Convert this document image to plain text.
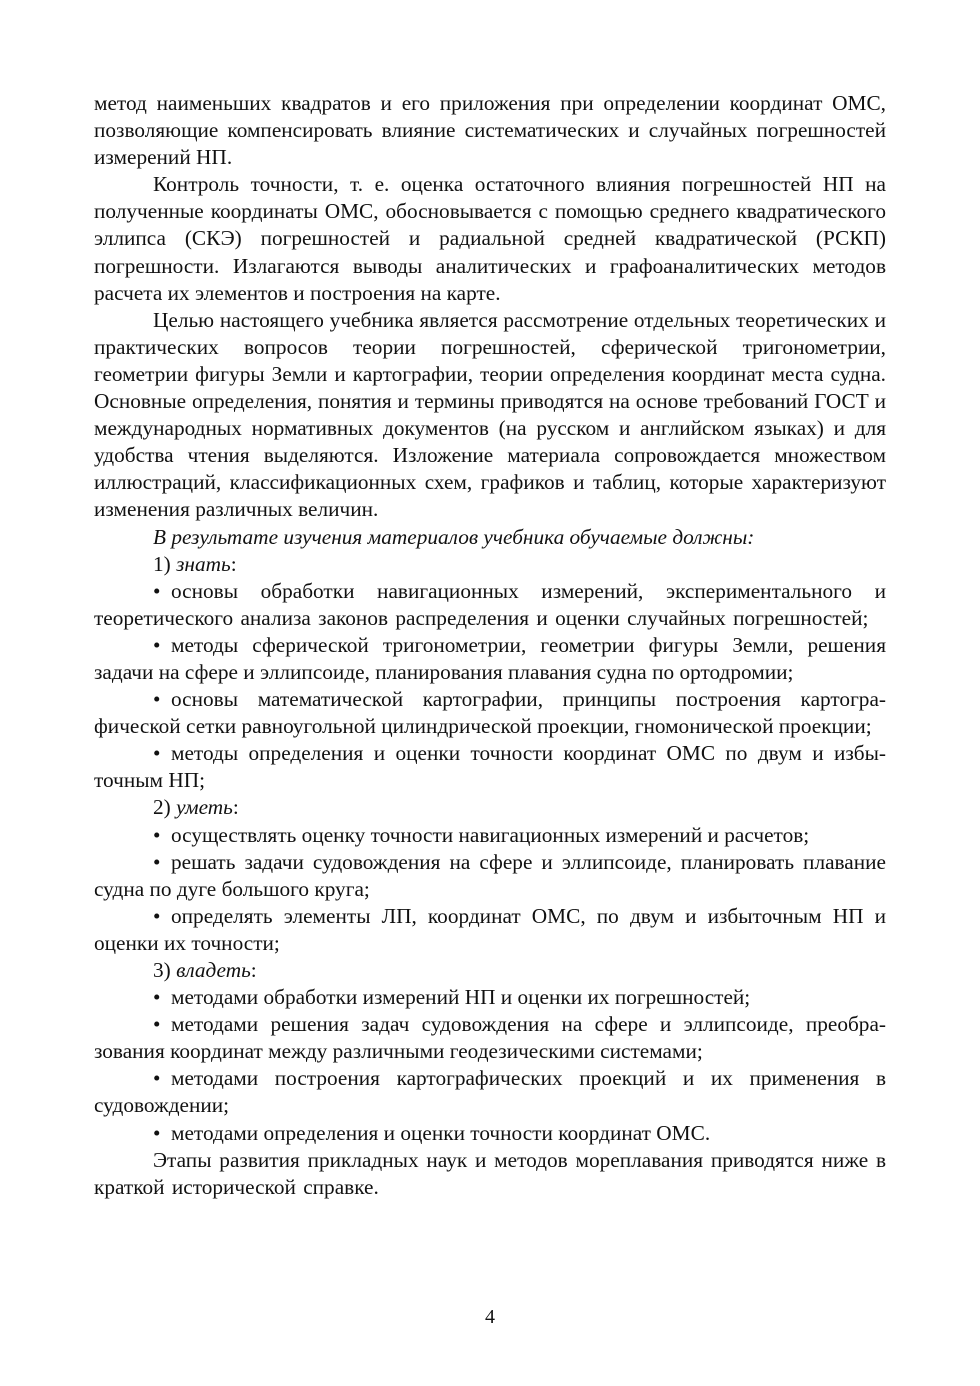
метод наименьших квадратов и его приложения при определении координат ОМС, позволяющие компенсировать влияние систематических и случайных погрешностей измерений НП.

Контроль точности, т. е. оценка остаточного влияния погрешностей НП на полученные координаты ОМС, обосновывается с помощью среднего квадратического эллипса (СКЭ) погрешностей и радиальной средней квадратической (РСКП) погрешности. Излагаются выводы аналитических и графоаналитических методов расчета их элементов и построения на карте.

Целью настоящего учебника является рассмотрение отдельных теоретических и практических вопросов теории погрешностей, сферической тригонометрии, геометрии фигуры Земли и картографии, теории определения координат места судна. Основные определения, понятия и термины приводятся на основе требований ГОСТ и международных нормативных документов (на русском и английском языках) и для удобства чтения выделяются. Изложение материала сопровождается множеством иллюстраций, классификационных схем, графиков и таблиц, которые характеризуют изменения различных величин.

В результате изучения материалов учебника обучаемые должны:

1) знать:

• основы обработки навигационных измерений, экспериментального и теоретического анализа законов распределения и оценки случайных погрешностей;

• методы сферической тригонометрии, геометрии фигуры Земли, решения задачи на сфере и эллипсоиде, планирования плавания судна по ортодромии;

• основы математической картографии, принципы построения картографической сетки равноугольной цилиндрической проекции, гномонической проекции;

• методы определения и оценки точности координат ОМС по двум и избыточным НП;

2) уметь:

• осуществлять оценку точности навигационных измерений и расчетов;

• решать задачи судовождения на сфере и эллипсоиде, планировать плавание судна по дуге большого круга;

• определять элементы ЛП, координат ОМС, по двум и избыточным НП и оценки их точности;

3) владеть:

• методами обработки измерений НП и оценки их погрешностей;

• методами решения задач судовождения на сфере и эллипсоиде, преобразования координат между различными геодезическими системами;

• методами построения картографических проекций и их применения в судовождении;

• методами определения и оценки точности координат ОМС.

Этапы развития прикладных наук и методов мореплавания приводятся ниже в краткой исторической справке.

4
